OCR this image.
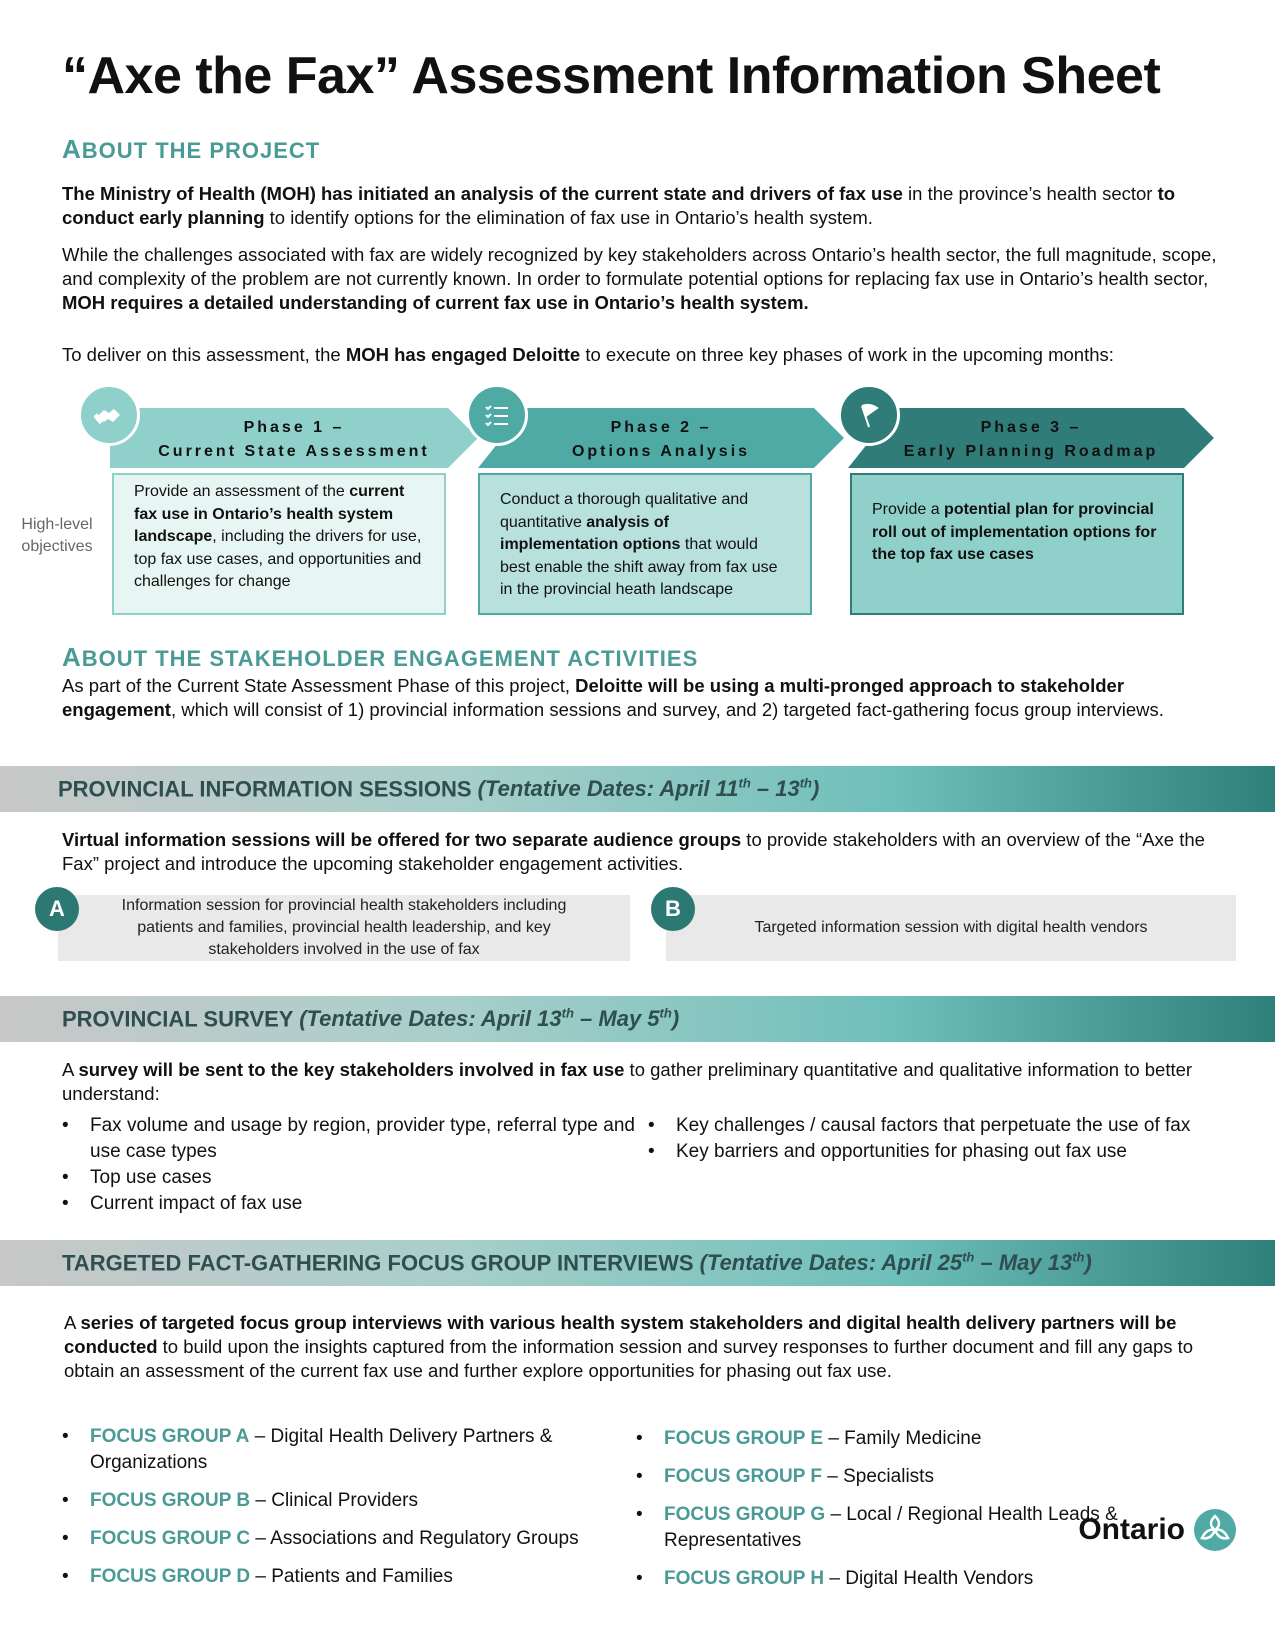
“Axe the Fax” Assessment Information Sheet
ABOUT THE PROJECT
The Ministry of Health (MOH) has initiated an analysis of the current state and drivers of fax use in the province’s health sector to conduct early planning to identify options for the elimination of fax use in Ontario’s health system.
While the challenges associated with fax are widely recognized by key stakeholders across Ontario’s health sector, the full magnitude, scope, and complexity of the problem are not currently known. In order to formulate potential options for replacing fax use in Ontario’s health sector, MOH requires a detailed understanding of current fax use in Ontario’s health system.
To deliver on this assessment, the MOH has engaged Deloitte to execute on three key phases of work in the upcoming months:
High-level objectives
Phase 1 –
Current State Assessment
Provide an assessment of the current fax use in Ontario’s health system landscape, including the drivers for use, top fax use cases, and opportunities and challenges for change
Phase 2 –
Options Analysis
Conduct a thorough qualitative and quantitative analysis of implementation options that would best enable the shift away from fax use in the provincial heath landscape
Phase 3 –
Early Planning Roadmap
Provide a potential plan for provincial roll out of implementation options for the top fax use cases
ABOUT THE STAKEHOLDER ENGAGEMENT ACTIVITIES
As part of the Current State Assessment Phase of this project, Deloitte will be using a multi-pronged approach to stakeholder engagement, which will consist of 1) provincial information sessions and survey, and 2) targeted fact-gathering focus group interviews.
PROVINCIAL INFORMATION SESSIONS (Tentative Dates: April 11th – 13th)
Virtual information sessions will be offered for two separate audience groups to provide stakeholders with an overview of the “Axe the Fax” project and introduce the upcoming stakeholder engagement activities.
Information session for provincial health stakeholders including patients and families, provincial health leadership, and key stakeholders involved in the use of fax
A
Targeted information session with digital health vendors
B
PROVINCIAL SURVEY (Tentative Dates: April 13th – May 5th)
A survey will be sent to the key stakeholders involved in fax use to gather preliminary quantitative and qualitative information to better understand:
• Fax volume and usage by region, provider type, referral type and use case types
• Top use cases
• Current impact of fax use
• Key challenges / causal factors that perpetuate the use of fax
• Key barriers and opportunities for phasing out fax use
TARGETED FACT-GATHERING FOCUS GROUP INTERVIEWS (Tentative Dates: April 25th – May 13th)
A series of targeted focus group interviews with various health system stakeholders and digital health delivery partners will be conducted to build upon the insights captured from the information session and survey responses to further document and fill any gaps to obtain an assessment of the current fax use and further explore opportunities for phasing out fax use.
• FOCUS GROUP A – Digital Health Delivery Partners & Organizations
• FOCUS GROUP B – Clinical Providers
• FOCUS GROUP C – Associations and Regulatory Groups
• FOCUS GROUP D – Patients and Families
• FOCUS GROUP E – Family Medicine
• FOCUS GROUP F – Specialists
• FOCUS GROUP G – Local / Regional Health Leads & Representatives
• FOCUS GROUP H – Digital Health Vendors
Ontario
